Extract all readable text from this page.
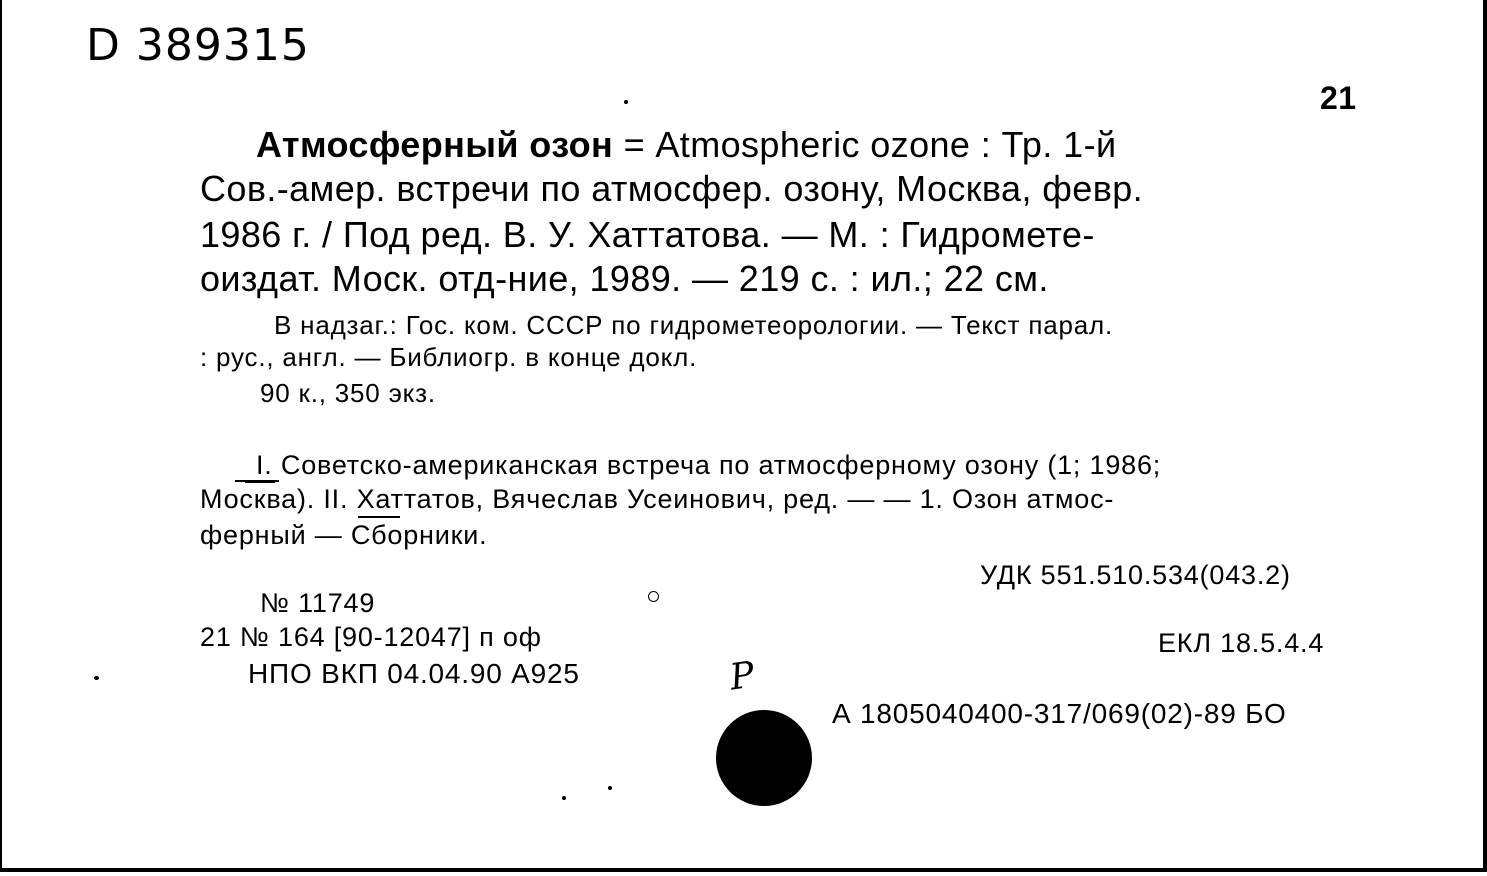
D 389315
21
Атмосферный озон = Atmospheric ozone : Тр. 1-й
Сов.-амер. встречи по атмосфер. озону, Москва, февр.
1986 г. / Под ред. В. У. Хаттатова. — М. : Гидромете-
оиздат. Моск. отд-ние, 1989. — 219 с. : ил.; 22 см.
В надзаг.: Гос. ком. СССР по гидрометеорологии. — Текст парал.
: рус., англ. — Библиогр. в конце докл.
90 к., 350 экз.
I. Советско-американская встреча по атмосферному озону (1; 1986;
Москва). II. Хаттатов, Вячеслав Усеинович, ред. — — 1. Озон атмос-
ферный — Сборники.
УДК 551.510.534(043.2)
№ 11749
21 № 164 [90-12047] п оф
НПО ВКП 04.04.90 А925
ЕКЛ 18.5.4.4
А 1805040400-317/069(02)-89 БО
P
